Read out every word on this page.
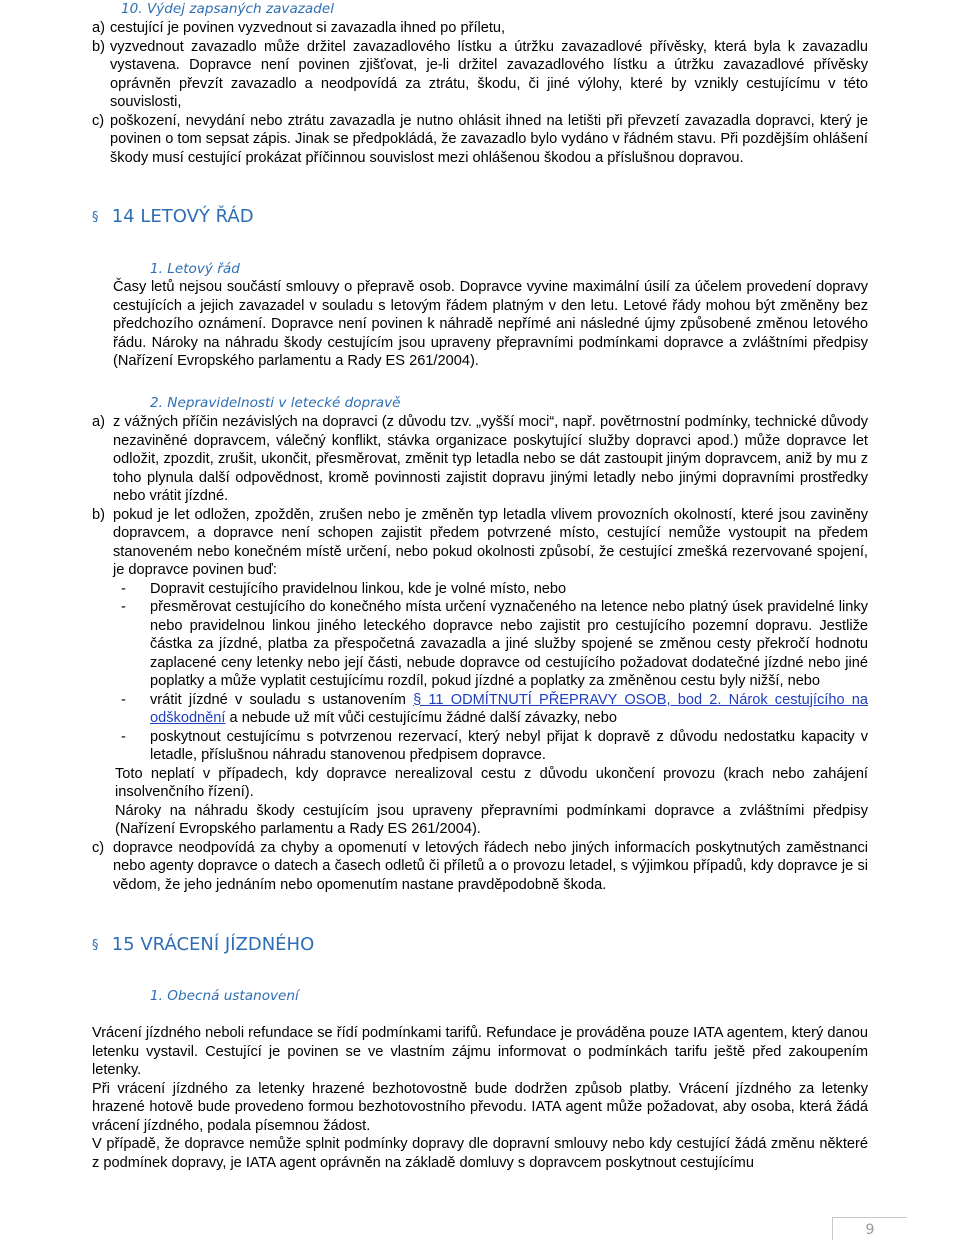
10. Výdej zapsaných zavazadel
a) cestující je povinen vyzvednout si zavazadla ihned po příletu,
b) vyzvednout zavazadlo může držitel zavazadlového lístku a útržku zavazadlové přívěsky, která byla k zavazadlu vystavena. Dopravce není povinen zjišťovat, je-li držitel zavazadlového lístku a útržku zavazadlové přívěsky oprávněn převzít zavazadlo a neodpovídá za ztrátu, škodu, či jiné výlohy, které by vznikly cestujícímu v této souvislosti,
c) poškození, nevydání nebo ztrátu zavazadla je nutno ohlásit ihned na letišti při převzetí zavazadla dopravci, který je povinen o tom sepsat zápis. Jinak se předpokládá, že zavazadlo bylo vydáno v řádném stavu. Při pozdějším ohlášení škody musí cestující prokázat příčinnou souvislost mezi ohlášenou škodou a příslušnou dopravou.
§ 14 LETOVÝ ŘÁD
1. Letový řád
Časy letů nejsou součástí smlouvy o přepravě osob. Dopravce vyvine maximální úsilí za účelem provedení dopravy cestujících a jejich zavazadel v souladu s letovým řádem platným v den letu. Letové řády mohou být změněny bez předchozího oznámení. Dopravce není povinen k náhradě nepřímé ani následné újmy způsobené změnou letového řádu. Nároky na náhradu škody cestujícím jsou upraveny přepravními podmínkami dopravce a zvláštními předpisy (Nařízení Evropského parlamentu a Rady ES 261/2004).
2. Nepravidelnosti v letecké dopravě
a) z vážných příčin nezávislých na dopravci (z důvodu tzv. „vyšší moci“, např. povětrnostní podmínky, technické důvody nezaviněné dopravcem, válečný konflikt, stávka organizace poskytující služby dopravci apod.) může dopravce let odložit, zpozdit, zrušit, ukončit, přesměrovat, změnit typ letadla nebo se dát zastoupit jiným dopravcem, aniž by mu z toho plynula další odpovědnost, kromě povinnosti zajistit dopravu jinými letadly nebo jinými dopravními prostředky nebo vrátit jízdné.
b) pokud je let odložen, zpožděn, zrušen nebo je změněn typ letadla vlivem provozních okolností, které jsou zaviněny dopravcem, a dopravce není schopen zajistit předem potvrzené místo, cestující nemůže vystoupit na předem stanoveném nebo konečném místě určení, nebo pokud okolnosti způsobí, že cestující zmešká rezervované spojení, je dopravce povinen buď:
- Dopravit cestujícího pravidelnou linkou, kde je volné místo, nebo
- přesměrovat cestujícího do konečného místa určení vyznačeného na letence nebo platný úsek pravidelné linky nebo pravidelnou linkou jiného leteckého dopravce nebo zajistit pro cestujícího pozemní dopravu. Jestliže částka za jízdné, platba za přespočetná zavazadla a jiné služby spojené se změnou cesty překročí hodnotu zaplacené ceny letenky nebo její části, nebude dopravce od cestujícího požadovat dodatečné jízdné nebo jiné poplatky a může vyplatit cestujícímu rozdíl, pokud jízdné a poplatky za změněnou cestu byly nižší, nebo
- vrátit jízdné v souladu s ustanovením § 11 ODMÍTNUTÍ PŘEPRAVY OSOB, bod 2. Nárok cestujícího na odškodnění a nebude už mít vůči cestujícímu žádné další závazky, nebo
- poskytnout cestujícímu s potvrzenou rezervací, který nebyl přijat k dopravě z důvodu nedostatku kapacity v letadle, příslušnou náhradu stanovenou předpisem dopravce.
Toto neplatí v případech, kdy dopravce nerealizoval cestu z důvodu ukončení provozu (krach nebo zahájení insolvenčního řízení).
Nároky na náhradu škody cestujícím jsou upraveny přepravními podmínkami dopravce a zvláštními předpisy (Nařízení Evropského parlamentu a Rady ES 261/2004).
c) dopravce neodpovídá za chyby a opomenutí v letových řádech nebo jiných informacích poskytnutých zaměstnanci nebo agenty dopravce o datech a časech odletů či příletů a o provozu letadel, s výjimkou případů, kdy dopravce je si vědom, že jeho jednáním nebo opomenutím nastane pravděpodobně škoda.
§ 15 VRÁCENÍ JÍZDNÉHO
1. Obecná ustanovení
Vrácení jízdného neboli refundace se řídí podmínkami tarifů. Refundace je prováděna pouze IATA agentem, který danou letenku vystavil. Cestující je povinen se ve vlastním zájmu informovat o podmínkách tarifu ještě před zakoupením letenky.
Při vrácení jízdného za letenky hrazené bezhotovostně bude dodržen způsob platby. Vrácení jízdného za letenky hrazené hotově bude provedeno formou bezhotovostního převodu. IATA agent může požadovat, aby osoba, která žádá vrácení jízdného, podala písemnou žádost.
V případě, že dopravce nemůže splnit podmínky dopravy dle dopravní smlouvy nebo kdy cestující žádá změnu některé z podmínek dopravy, je IATA agent oprávněn na základě domluvy s dopravcem poskytnout cestujícímu
9
